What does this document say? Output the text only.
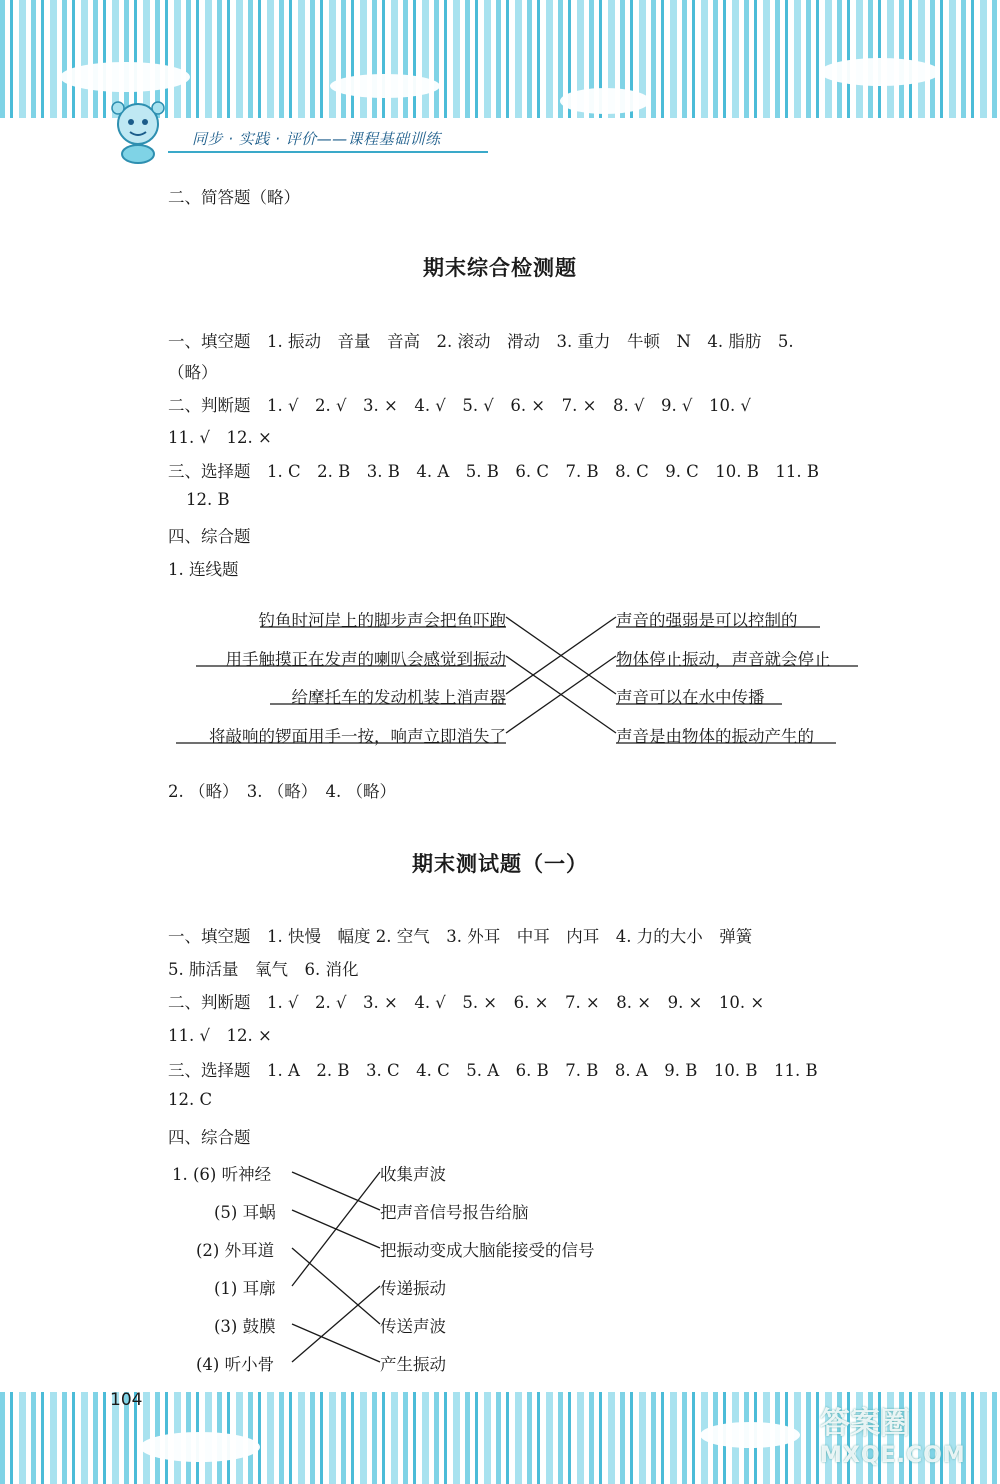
同步 · 实践 · 评价——课程基础训练
二、简答题（略）
期末综合检测题
一、填空题　1. 振动　音量　音高　2. 滚动　滑动　3. 重力　牛顿　N　4. 脂肪　5.
（略）
二、判断题　1. √　2. √　3. ×　4. √　5. √　6. ×　7. ×　8. √　9. √　10. √
11. √　12. ×
三、选择题　1. C　2. B　3. B　4. A　5. B　6. C　7. B　8. C　9. C　10. B　11. B
12. B
四、综合题
1. 连线题
钓鱼时河岸上的脚步声会把鱼吓跑
用手触摸正在发声的喇叭会感觉到振动
给摩托车的发动机装上消声器
将敲响的锣面用手一按，响声立即消失了
声音的强弱是可以控制的
物体停止振动，声音就会停止
声音可以在水中传播
声音是由物体的振动产生的
2. （略）　3. （略）　4. （略）
期末测试题（一）
一、填空题　1. 快慢　幅度 2. 空气　3. 外耳　中耳　内耳　4. 力的大小　弹簧
5. 肺活量　氧气　6. 消化
二、判断题　1. √　2. √　3. ×　4. √　5. ×　6. ×　7. ×　8. ×　9. ×　10. ×
11. √　12. ×
三、选择题　1. A　2. B　3. C　4. C　5. A　6. B　7. B　8. A　9. B　10. B　11. B
12. C
四、综合题
1. (6) 听神经
(5) 耳蜗
(2) 外耳道
(1) 耳廓
(3) 鼓膜
(4) 听小骨
收集声波
把声音信号报告给脑
把振动变成大脑能接受的信号
传递振动
传送声波
产生振动
104
答案圈
MXQE.COM
